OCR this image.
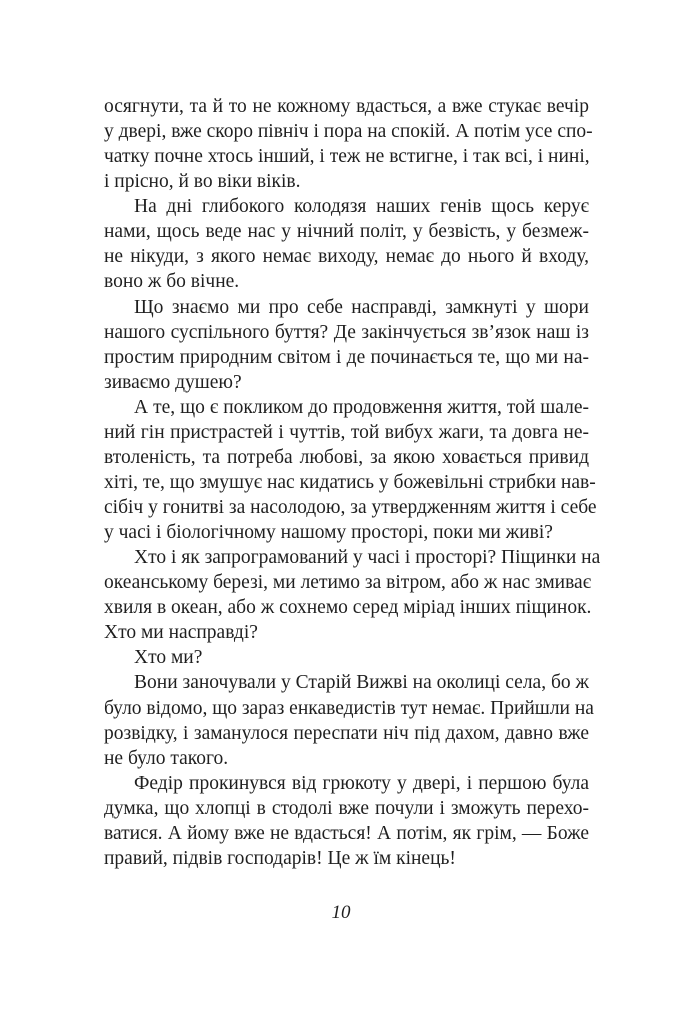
осягнути, та й то не кожному вдасться, а вже стукає вечір
у двері, вже скоро північ і пора на спокій. А потім усе спо-
чатку почне хтось інший, і теж не встигне, і так всі, і нині,
і прісно, й во віки віків.
На дні глибокого колодязя наших генів щось керує
нами, щось веде нас у нічний політ, у безвість, у безмеж-
не нікуди, з якого немає виходу, немає до нього й входу,
воно ж бо вічне.
Що знаємо ми про себе насправді, замкнуті у шори
нашого суспільного буття? Де закінчується зв’язок наш із
простим природним світом і де починається те, що ми на-
зиваємо душею?
А те, що є покликом до продовження життя, той шале-
ний гін пристрастей і чуттів, той вибух жаги, та довга не-
втоленість, та потреба любові, за якою ховається привид
хіті, те, що змушує нас кидатись у божевільні стрибки нав-
сібіч у гонитві за насолодою, за утвердженням життя і себе
у часі і біологічному нашому просторі, поки ми живі?
Хто і як запрограмований у часі і просторі? Піщинки на
океанському березі, ми летимо за вітром, або ж нас змиває
хвиля в океан, або ж сохнемо серед міріад інших піщинок.
Хто ми насправді?
Хто ми?
Вони заночували у Старій Вижві на околиці села, бо ж
було відомо, що зараз енкаведистів тут немає. Прийшли на
розвідку, і заманулося переспати ніч під дахом, давно вже
не було такого.
Федір прокинувся від грюкоту у двері, і першою була
думка, що хлопці в стодолі вже почули і зможуть перехо-
ватися. А йому вже не вдасться! А потім, як грім, — Боже
правий, підвів господарів! Це ж їм кінець!
10
